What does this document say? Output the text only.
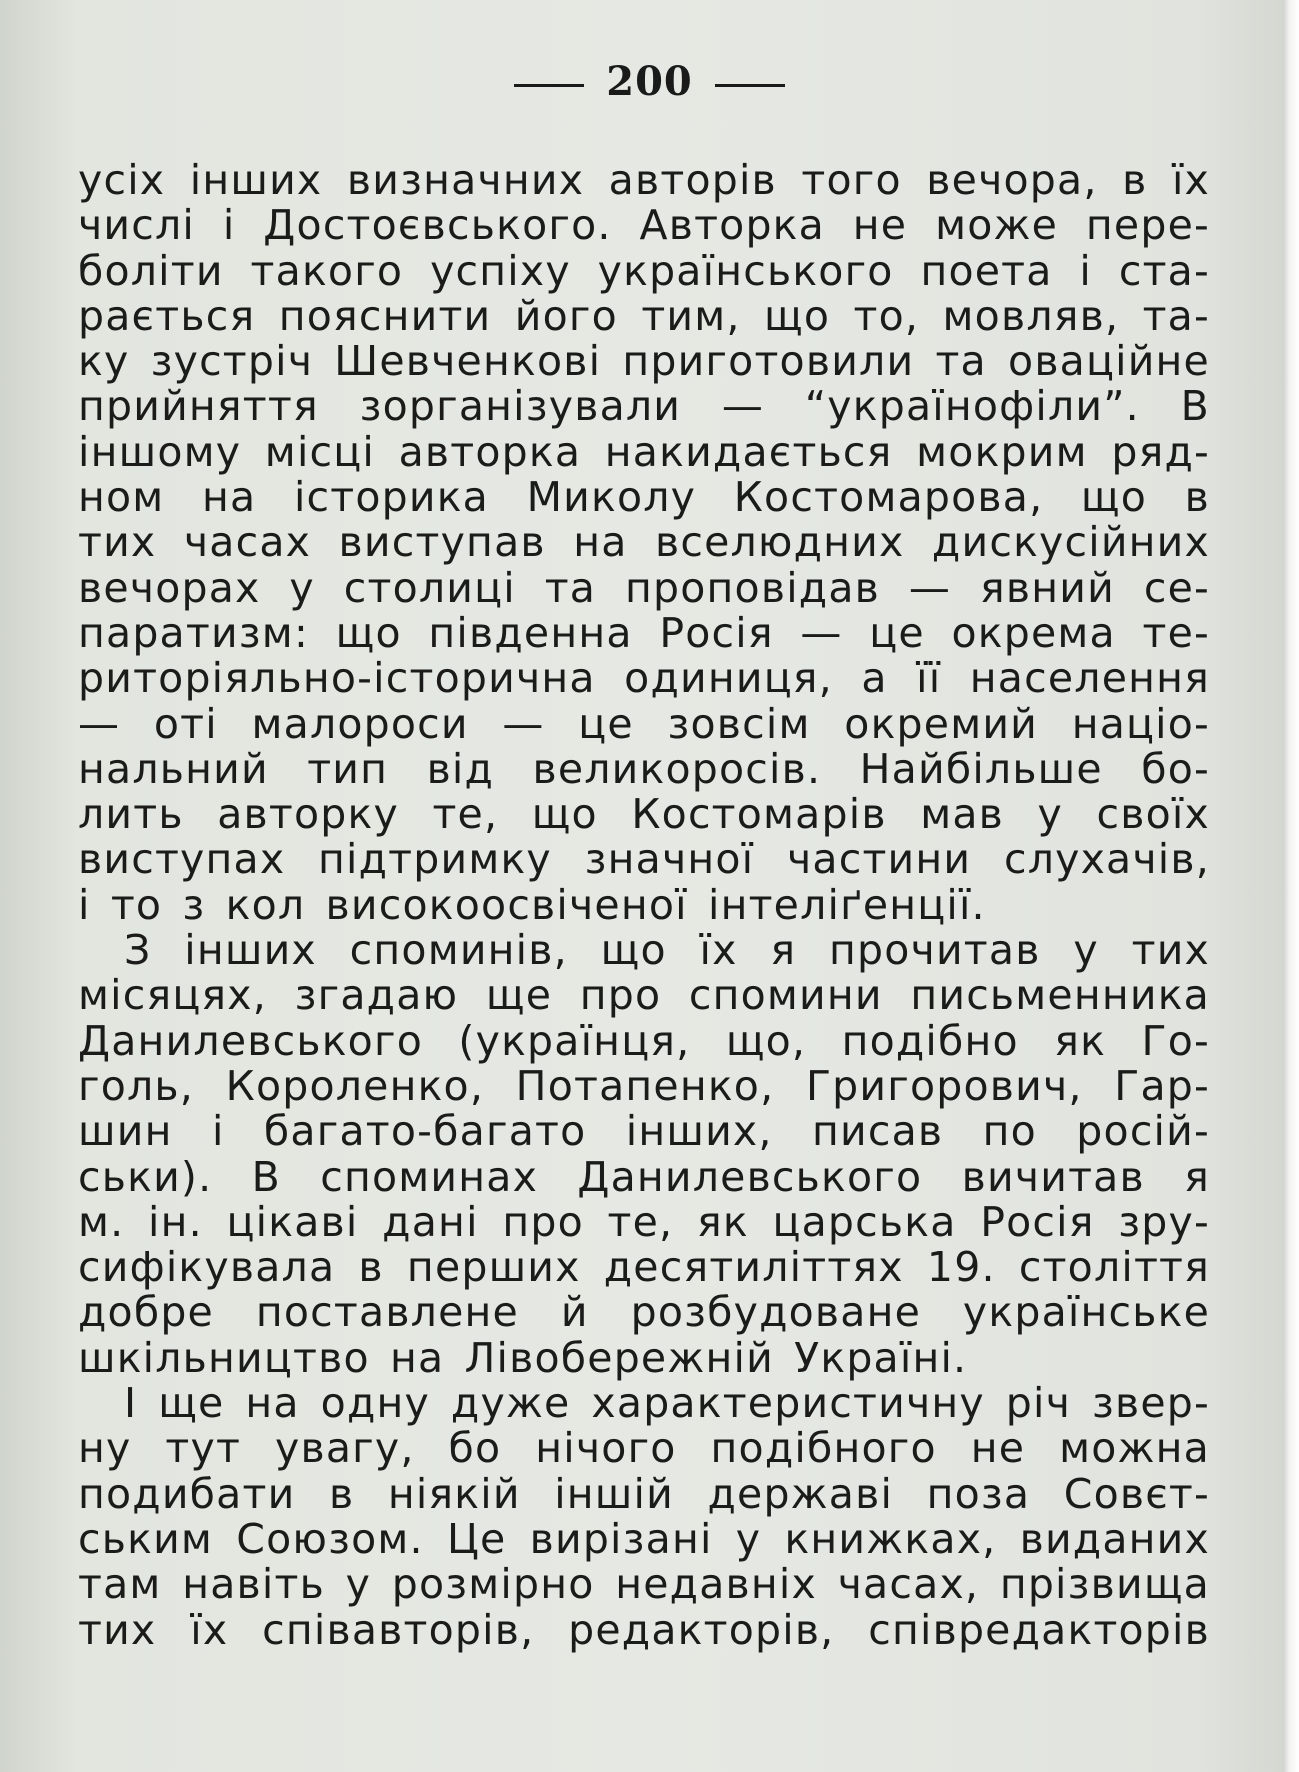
200
усіх інших визначних авторів того вечора, в їх
числі і Достоєвського. Авторка не може пере-
боліти такого успіху українського поета і ста-
рається пояснити його тим, що то, мовляв, та-
ку зустріч Шевченкові приготовили та оваційне
прийняття зорганізували — “українофіли”. В
іншому місці авторка накидається мокрим ряд-
ном на історика Миколу Костомарова, що в
тих часах виступав на вселюдних дискусійних
вечорах у столиці та проповідав — явний се-
паратизм: що південна Росія — це окрема те-
риторіяльно-історична одиниця, а її населення
— оті малороси — це зовсім окремий націо-
нальний тип від великоросів. Найбільше бо-
лить авторку те, що Костомарів мав у своїх
виступах підтримку значної частини слухачів,
і то з кол високоосвіченої інтеліґенції.
З інших споминів, що їх я прочитав у тих
місяцях, згадаю ще про спомини письменника
Данилевського (українця, що, подібно як Го-
голь, Короленко, Потапенко, Григорович, Гар-
шин і багато-багато інших, писав по росій-
ськи). В споминах Данилевського вичитав я
м. ін. цікаві дані про те, як царська Росія зру-
сифікувала в перших десятиліттях 19. століття
добре поставлене й розбудоване українське
шкільництво на Лівобережній Україні.
І ще на одну дуже характеристичну річ звер-
ну тут увагу, бо нічого подібного не можна
подибати в ніякій іншій державі поза Совєт-
ським Союзом. Це вирізані у книжках, виданих
там навіть у розмірно недавніх часах, прізвища
тих їх співавторів, редакторів, співредакторів
